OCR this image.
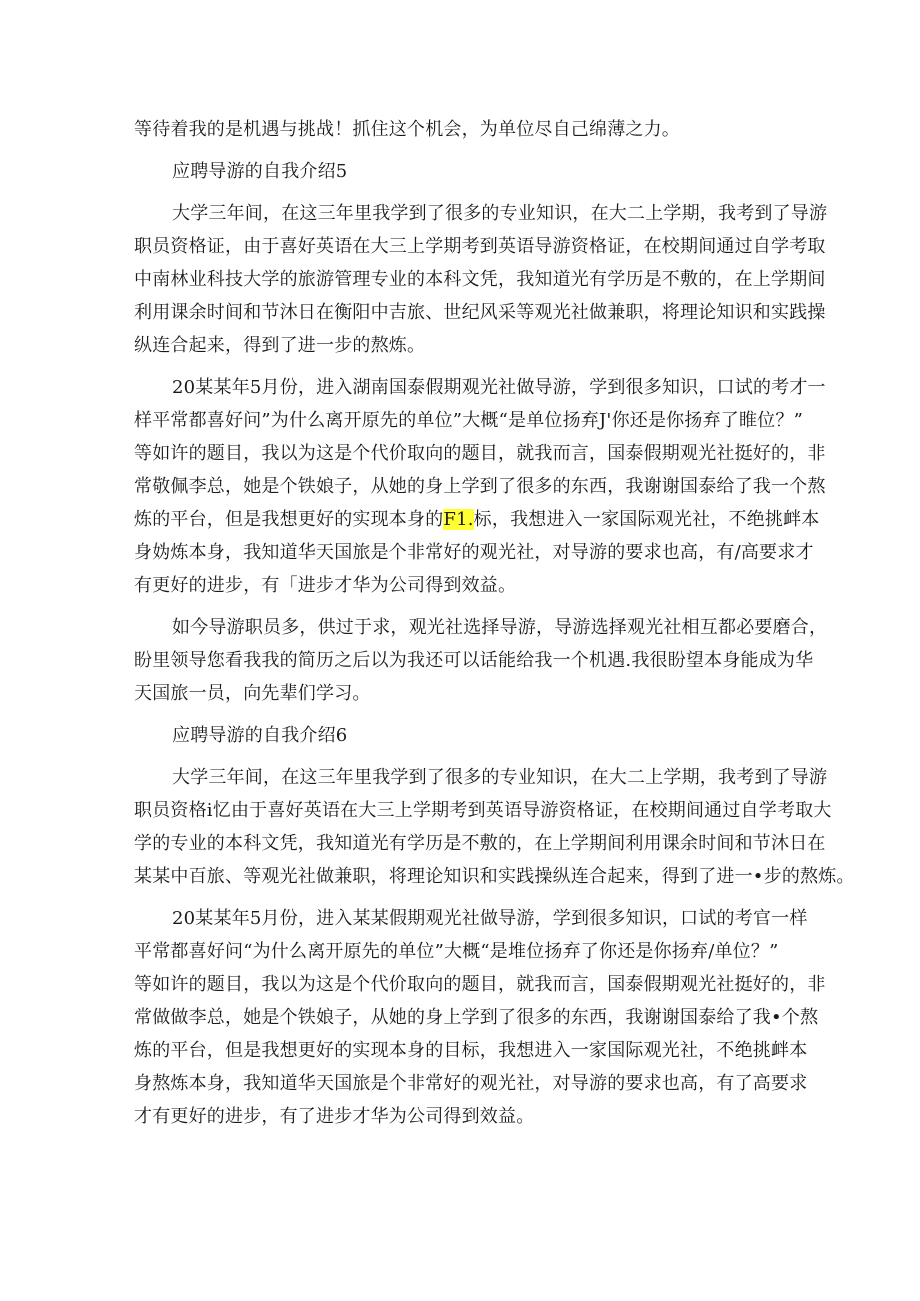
等待着我的是机遇与挑战！抓住这个机会，为单位尽自己绵薄之力。
应聘导游的自我介绍5
大学三年间，在这三年里我学到了很多的专业知识，在大二上学期，我考到了导游
职员资格证，由于喜好英语在大三上学期考到英语导游资格证，在校期间通过自学考取
中南林业科技大学的旅游管理专业的本科文凭，我知道光有学历是不敷的，在上学期间
利用课余时间和节沐日在衡阳中吉旅、世纪风采等观光社做兼职，将理论知识和实践操
纵连合起来，得到了进一步的熬炼。
20某某年5月份，进入湖南国泰假期观光社做导游，学到很多知识，口试的考才一
样平常都喜好问”为什么离开原先的单位”大概“是单位扬弃J'你还是你扬弃了睢位？”
等如许的题目，我以为这是个代价取向的题目，就我而言，国泰假期观光社挺好的，非
常敬佩李总，她是个铁娘子，从她的身上学到了很多的东西，我谢谢国泰给了我一个熬
炼的平台，但是我想更好的实现本身的F1.标，我想进入一家国际观光社，不绝挑衅本
身妫炼本身，我知道华天国旅是个非常好的观光社，对导游的要求也高，有/高要求才
有更好的进步，有「进步才华为公司得到效益。
如今导游职员多，供过于求，观光社选择导游，导游选择观光社相互都必要磨合，
盼里领导您看我我的简历之后以为我还可以话能给我一个机遇.我很盼望本身能成为华
天国旅一员，向先辈们学习。
应聘导游的自我介绍6
大学三年间，在这三年里我学到了很多的专业知识，在大二上学期，我考到了导游
职员资格i忆由于喜好英语在大三上学期考到英语导游资格证，在校期间通过自学考取大
学的专业的本科文凭，我知道光有学历是不敷的，在上学期间利用课余时间和节沐日在
某某中百旅、等观光社做兼职，将理论知识和实践操纵连合起来，得到了进一•步的熬炼。
20某某年5月份，进入某某假期观光社做导游，学到很多知识，口试的考官一样
平常都喜好问“为什么离开原先的单位”大概“是堆位扬弃了你还是你扬弃/单位？”
等如许的题目，我以为这是个代价取向的题目，就我而言，国泰假期观光社挺好的，非
常做做李总，她是个铁娘子，从她的身上学到了很多的东西，我谢谢国泰给了我•个熬
炼的平台，但是我想更好的实现本身的目标，我想进入一家国际观光社，不绝挑衅本
身熬炼本身，我知道华天国旅是个非常好的观光社，对导游的要求也高，有了高要求
才有更好的进步，有了进步才华为公司得到效益。
